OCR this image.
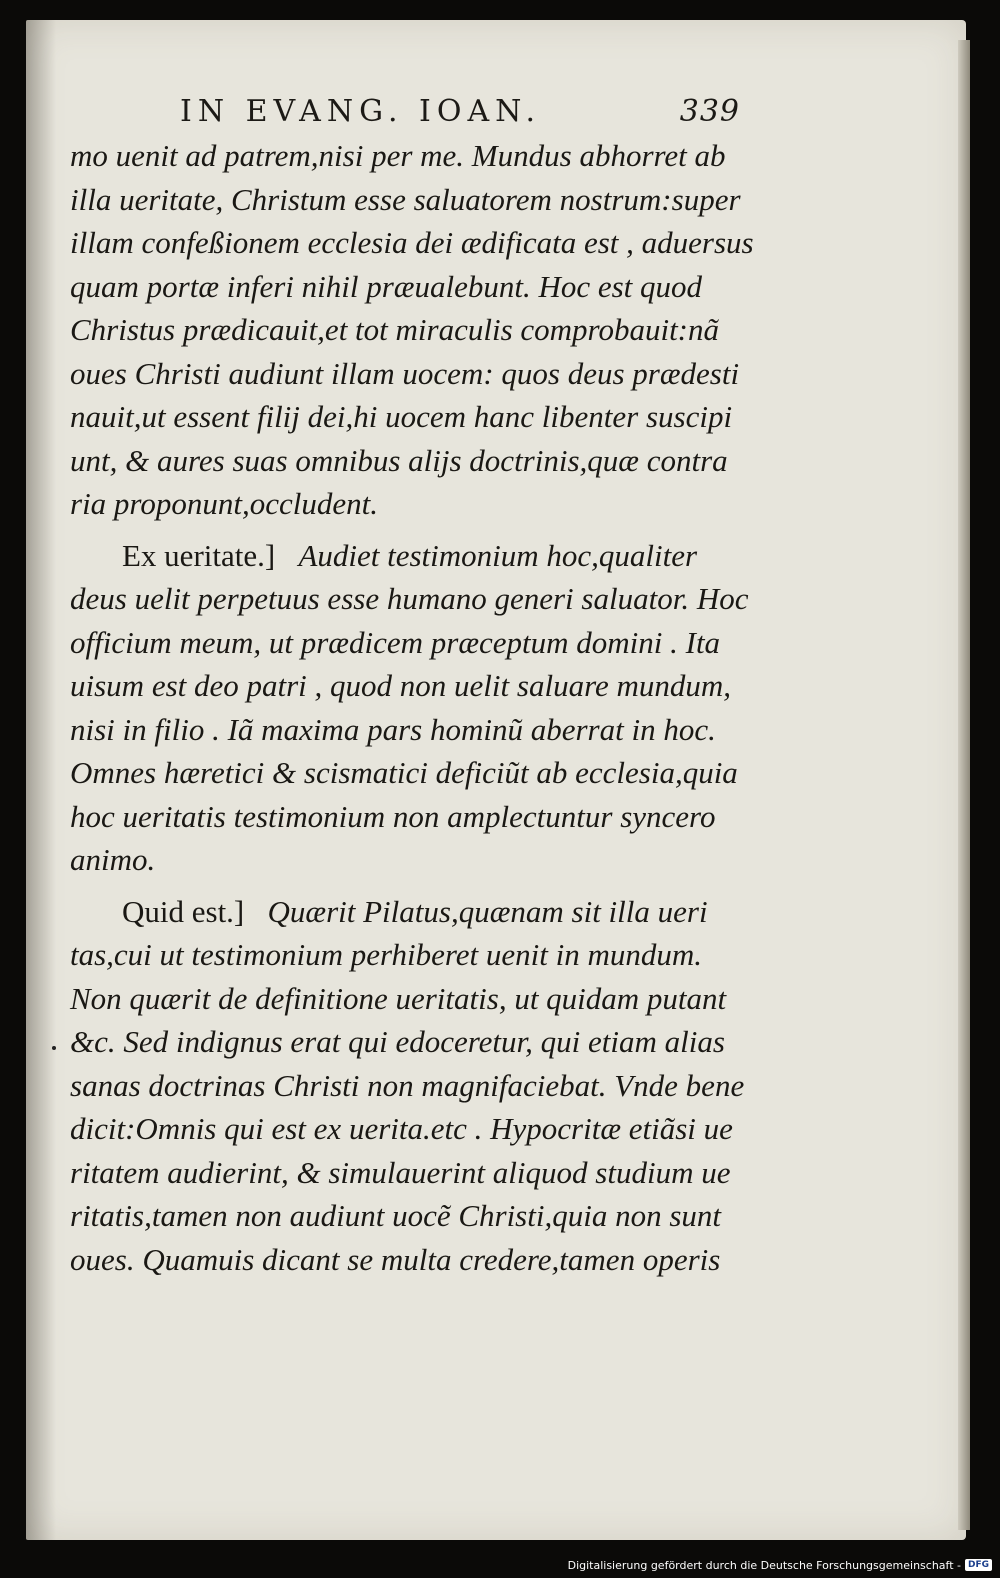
IN EVANG. IOAN.	339
mo uenit ad patrem,nisi per me. Mundus abhorret ab
illa ueritate, Christum esse saluatorem nostrum:super
illam confeßionem ecclesia dei ædificata est , aduersus
quam portæ inferi nihil præualebunt. Hoc est quod
Christus prædicauit,et tot miraculis comprobauit:nã
oues Christi audiunt illam uocem: quos deus prædesti
nauit,ut essent filij dei,hi uocem hanc libenter suscipi
unt, & aures suas omnibus alijs doctrinis,quæ contra
ria proponunt,occludent.
Ex ueritate.] Audiet testimonium hoc,qualiter
deus uelit perpetuus esse humano generi saluator. Hoc
officium meum, ut prædicem præceptum domini . Ita
uisum est deo patri , quod non uelit saluare mundum,
nisi in filio . Iã maxima pars hominũ aberrat in hoc.
Omnes hæretici & scismatici deficiũt ab ecclesia,quia
hoc ueritatis testimonium non amplectuntur syncero
animo.
Quid est.] Quærit Pilatus,quænam sit illa ueri
tas,cui ut testimonium perhiberet uenit in mundum.
Non quærit de definitione ueritatis, ut quidam putant
&c. Sed indignus erat qui edoceretur, qui etiam alias
sanas doctrinas Christi non magnifaciebat. Vnde bene
dicit:Omnis qui est ex uerita.etc . Hypocritæ etiãsi ue
ritatem audierint, & simulauerint aliquod studium ue
ritatis,tamen non audiunt uocẽ Christi,quia non sunt
oues. Quamuis dicant se multa credere,tamen operis
Digitalisierung gefördert durch die Deutsche Forschungsgemeinschaft - DFG
